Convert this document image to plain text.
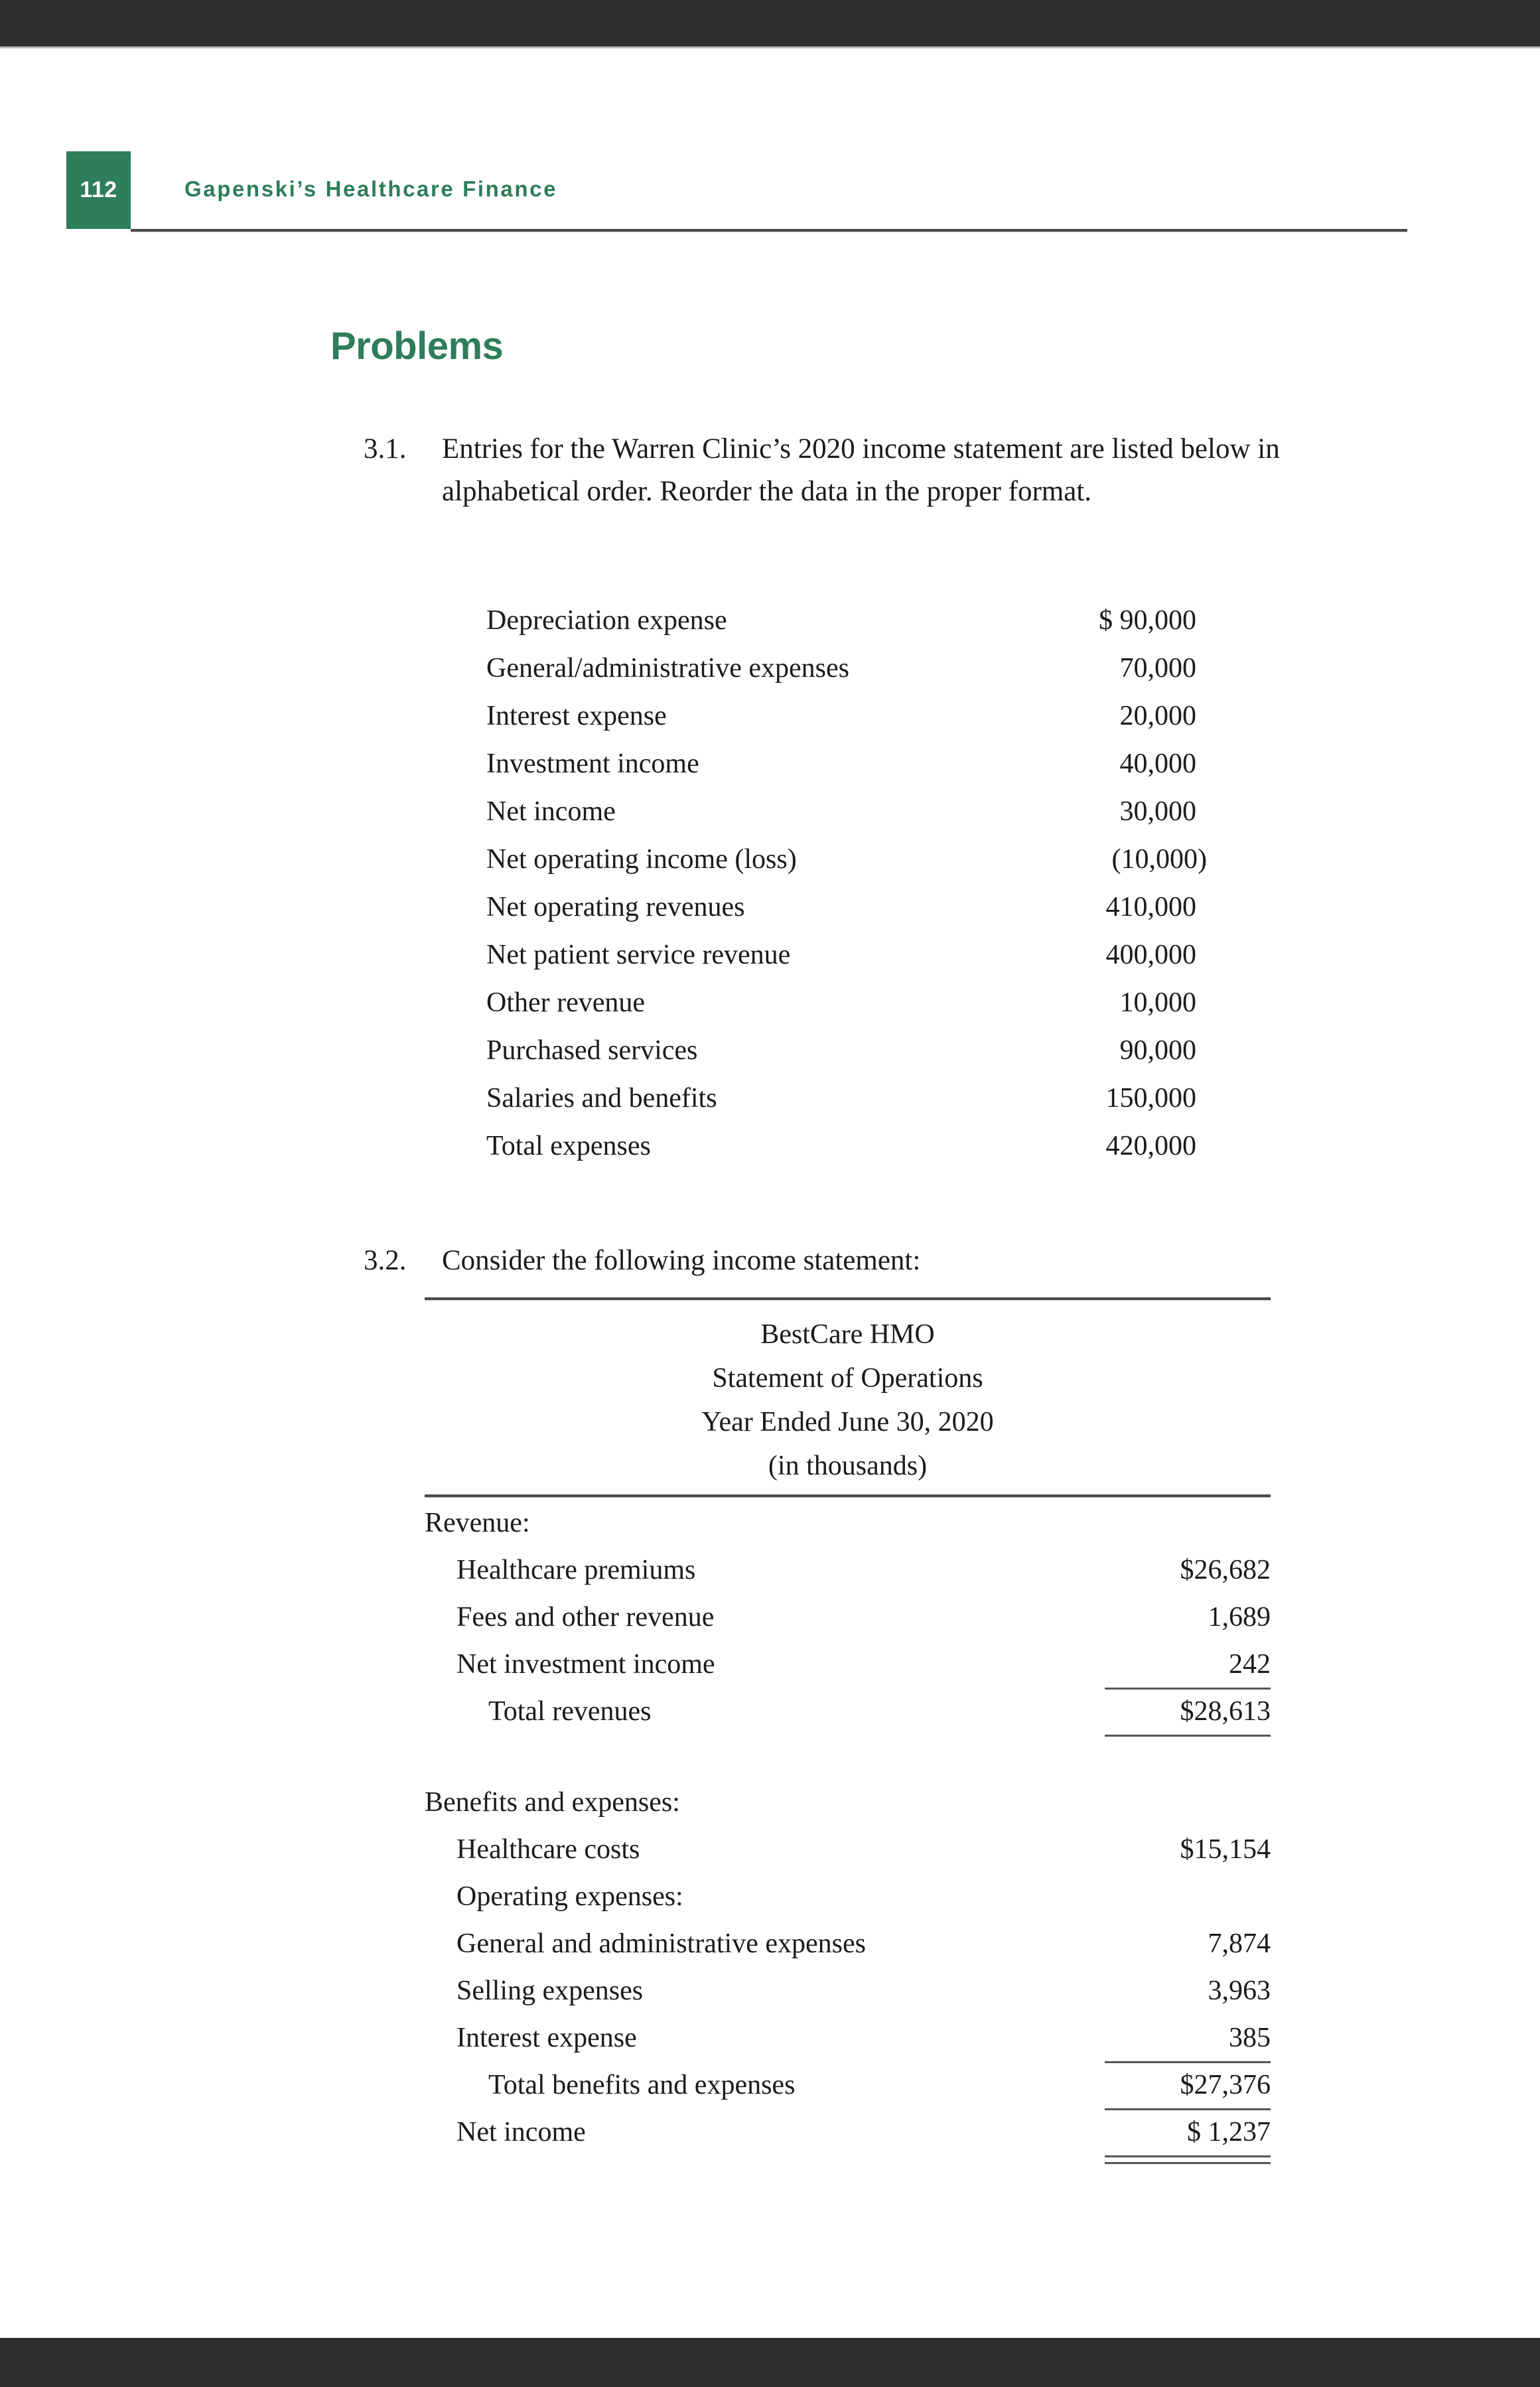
112	Gapenski’s Healthcare Finance
Problems
3.1.	Entries for the Warren Clinic’s 2020 income statement are listed below in alphabetical order. Reorder the data in the proper format.
Depreciation expense	$ 90,000
General/administrative expenses	70,000
Interest expense	20,000
Investment income	40,000
Net income	30,000
Net operating income (loss)	(10,000)
Net operating revenues	410,000
Net patient service revenue	400,000
Other revenue	10,000
Purchased services	90,000
Salaries and benefits	150,000
Total expenses	420,000
3.2.	Consider the following income statement:
BestCare HMO
Statement of Operations
Year Ended June 30, 2020
(in thousands)
Revenue:
Healthcare premiums	$26,682
Fees and other revenue	1,689
Net investment income	242
Total revenues	$28,613
Benefits and expenses:
Healthcare costs	$15,154
Operating expenses:
General and administrative expenses	7,874
Selling expenses	3,963
Interest expense	385
Total benefits and expenses	$27,376
Net income	$ 1,237
